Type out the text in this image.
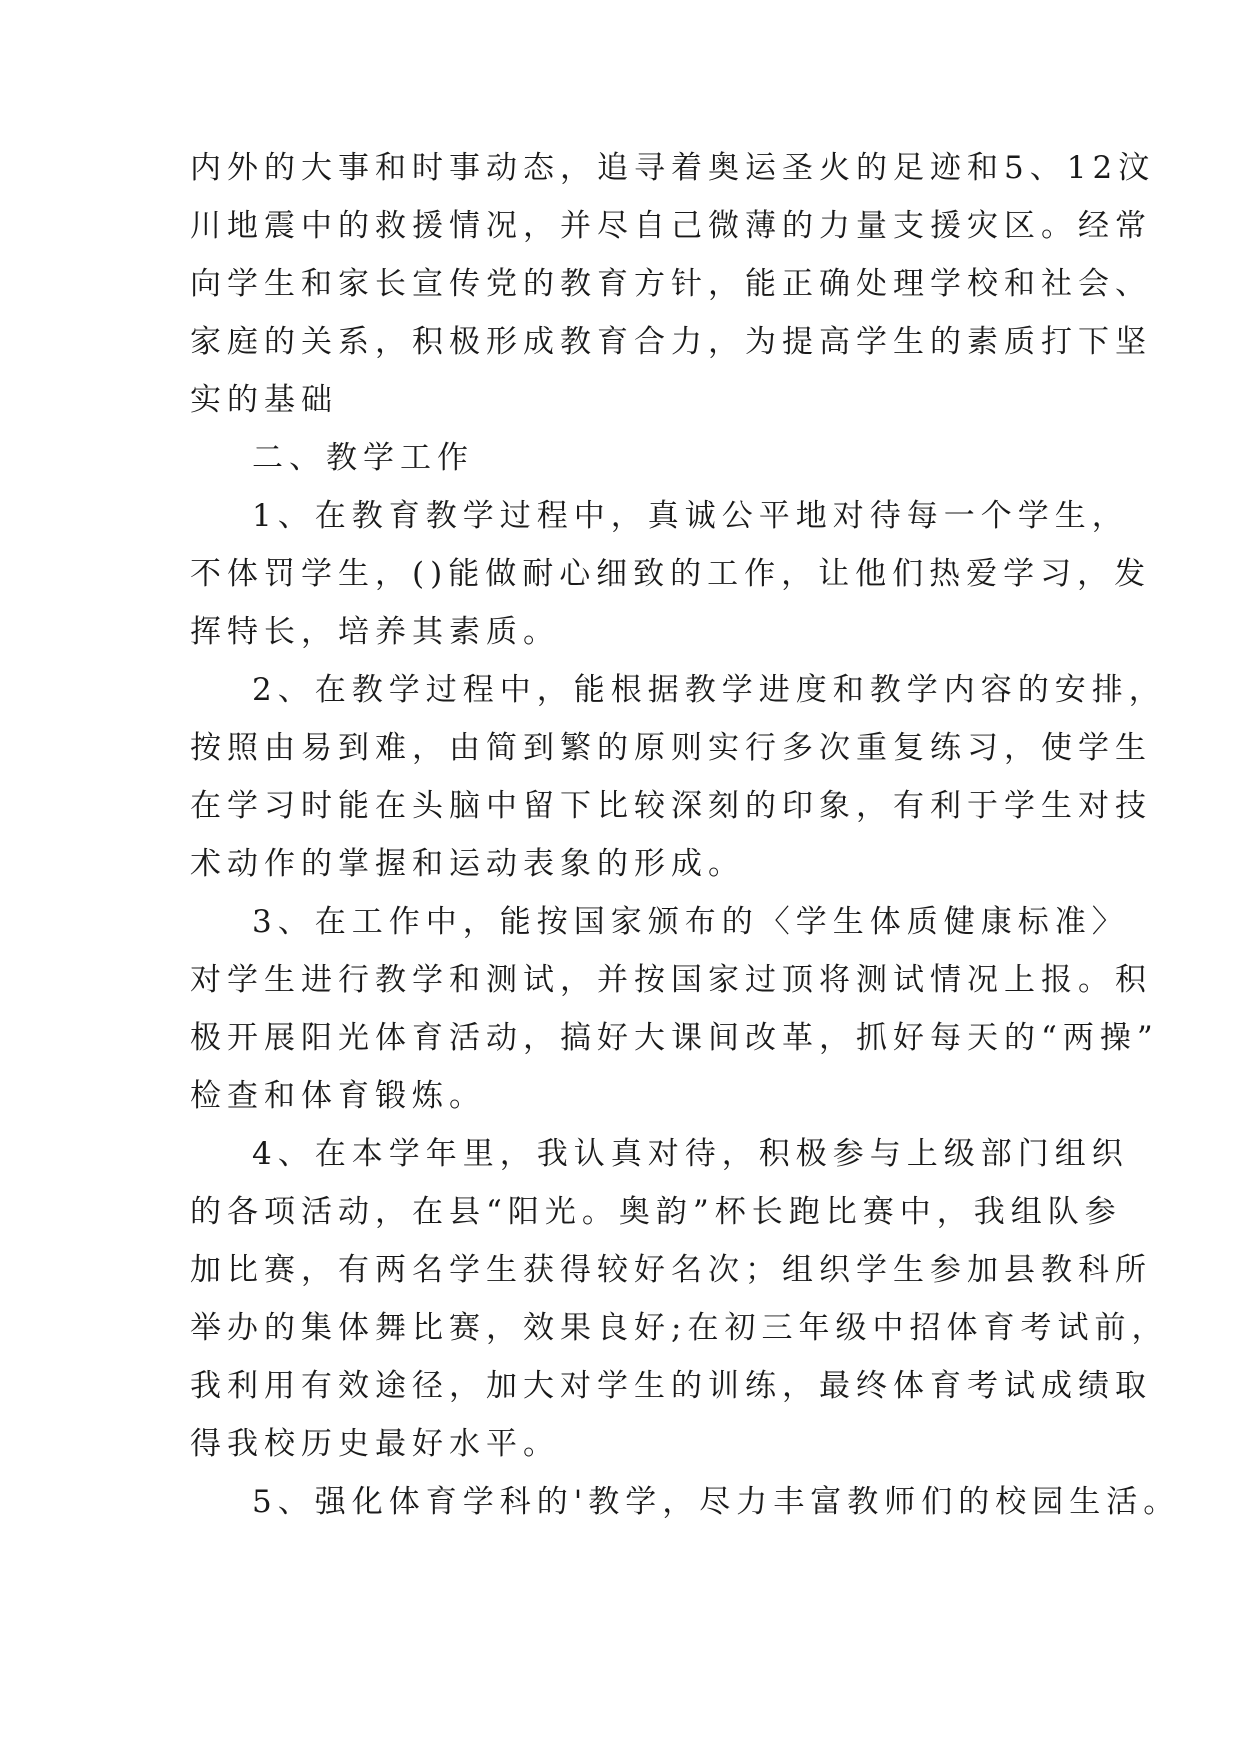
内外的大事和时事动态，追寻着奥运圣火的足迹和5、12汶

川地震中的救援情况，并尽自己微薄的力量支援灾区。经常

向学生和家长宣传党的教育方针，能正确处理学校和社会、

家庭的关系，积极形成教育合力，为提高学生的素质打下坚

实的基础

二、教学工作

1、在教育教学过程中，真诚公平地对待每一个学生，

不体罚学生，()能做耐心细致的工作，让他们热爱学习，发

挥特长，培养其素质。

2、在教学过程中，能根据教学进度和教学内容的安排，

按照由易到难，由简到繁的原则实行多次重复练习，使学生

在学习时能在头脑中留下比较深刻的印象，有利于学生对技

术动作的掌握和运动表象的形成。

3、在工作中，能按国家颁布的〈学生体质健康标准〉

对学生进行教学和测试，并按国家过顶将测试情况上报。积

极开展阳光体育活动，搞好大课间改革，抓好每天的“两操”

检查和体育锻炼。

4、在本学年里，我认真对待，积极参与上级部门组织

的各项活动，在县“阳光。奥韵”杯长跑比赛中，我组队参

加比赛，有两名学生获得较好名次；组织学生参加县教科所

举办的集体舞比赛，效果良好;在初三年级中招体育考试前，

我利用有效途径，加大对学生的训练，最终体育考试成绩取

得我校历史最好水平。

5、强化体育学科的'教学，尽力丰富教师们的校园生活。
